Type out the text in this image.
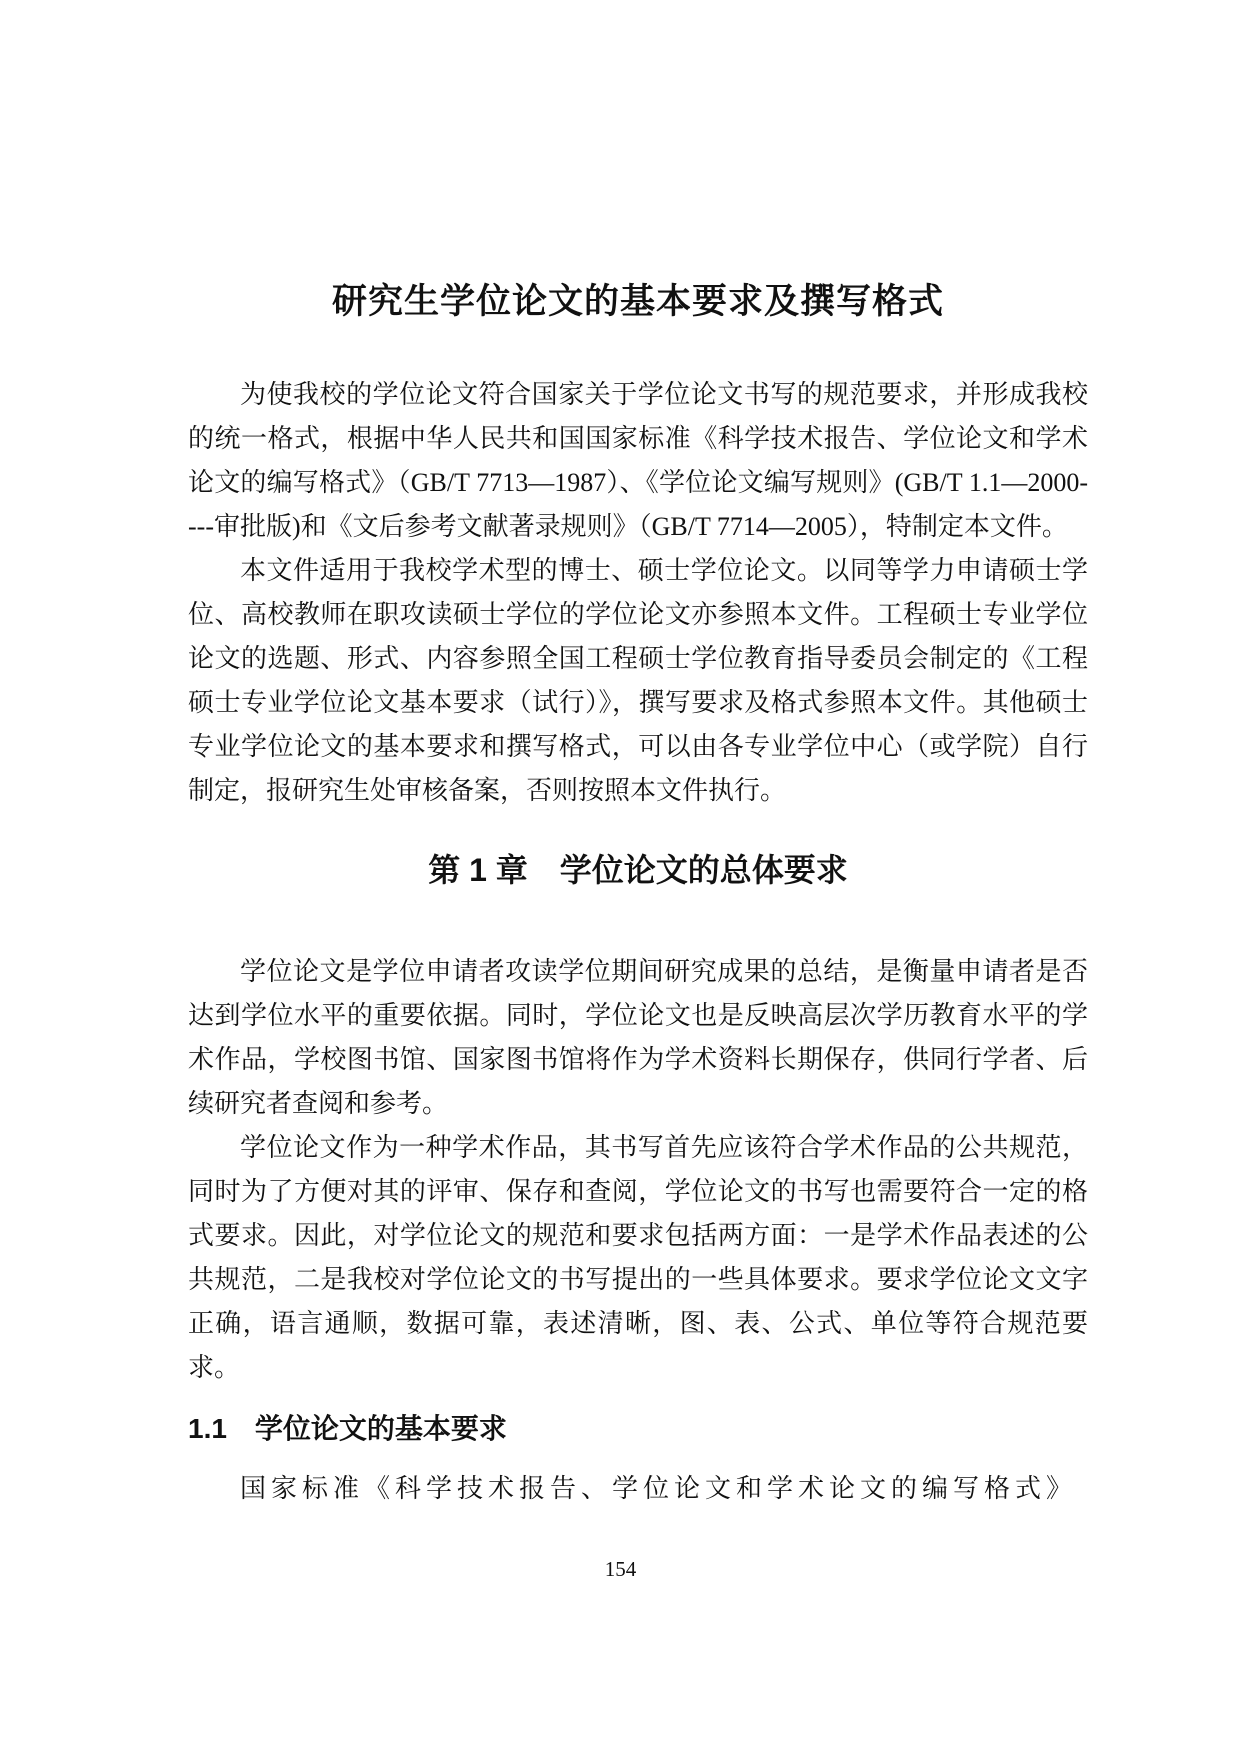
研究生学位论文的基本要求及撰写格式

为使我校的学位论文符合国家关于学位论文书写的规范要求，并形成我校的统一格式，根据中华人民共和国国家标准《科学技术报告、学位论文和学术论文的编写格式》（GB/T 7713—1987）、《学位论文编写规则》(GB/T 1.1—2000----审批版)和《文后参考文献著录规则》（GB/T 7714—2005），特制定本文件。

本文件适用于我校学术型的博士、硕士学位论文。以同等学力申请硕士学位、高校教师在职攻读硕士学位的学位论文亦参照本文件。工程硕士专业学位论文的选题、形式、内容参照全国工程硕士学位教育指导委员会制定的《工程硕士专业学位论文基本要求（试行）》，撰写要求及格式参照本文件。其他硕士专业学位论文的基本要求和撰写格式，可以由各专业学位中心（或学院）自行制定，报研究生处审核备案，否则按照本文件执行。

第 1 章　学位论文的总体要求

学位论文是学位申请者攻读学位期间研究成果的总结，是衡量申请者是否达到学位水平的重要依据。同时，学位论文也是反映高层次学历教育水平的学术作品，学校图书馆、国家图书馆将作为学术资料长期保存，供同行学者、后续研究者查阅和参考。

学位论文作为一种学术作品，其书写首先应该符合学术作品的公共规范，同时为了方便对其的评审、保存和查阅，学位论文的书写也需要符合一定的格式要求。因此，对学位论文的规范和要求包括两方面：一是学术作品表述的公共规范，二是我校对学位论文的书写提出的一些具体要求。要求学位论文文字正确，语言通顺，数据可靠，表述清晰，图、表、公式、单位等符合规范要求。

1.1　学位论文的基本要求

国家标准《科学技术报告、学位论文和学术论文的编写格式》

154
